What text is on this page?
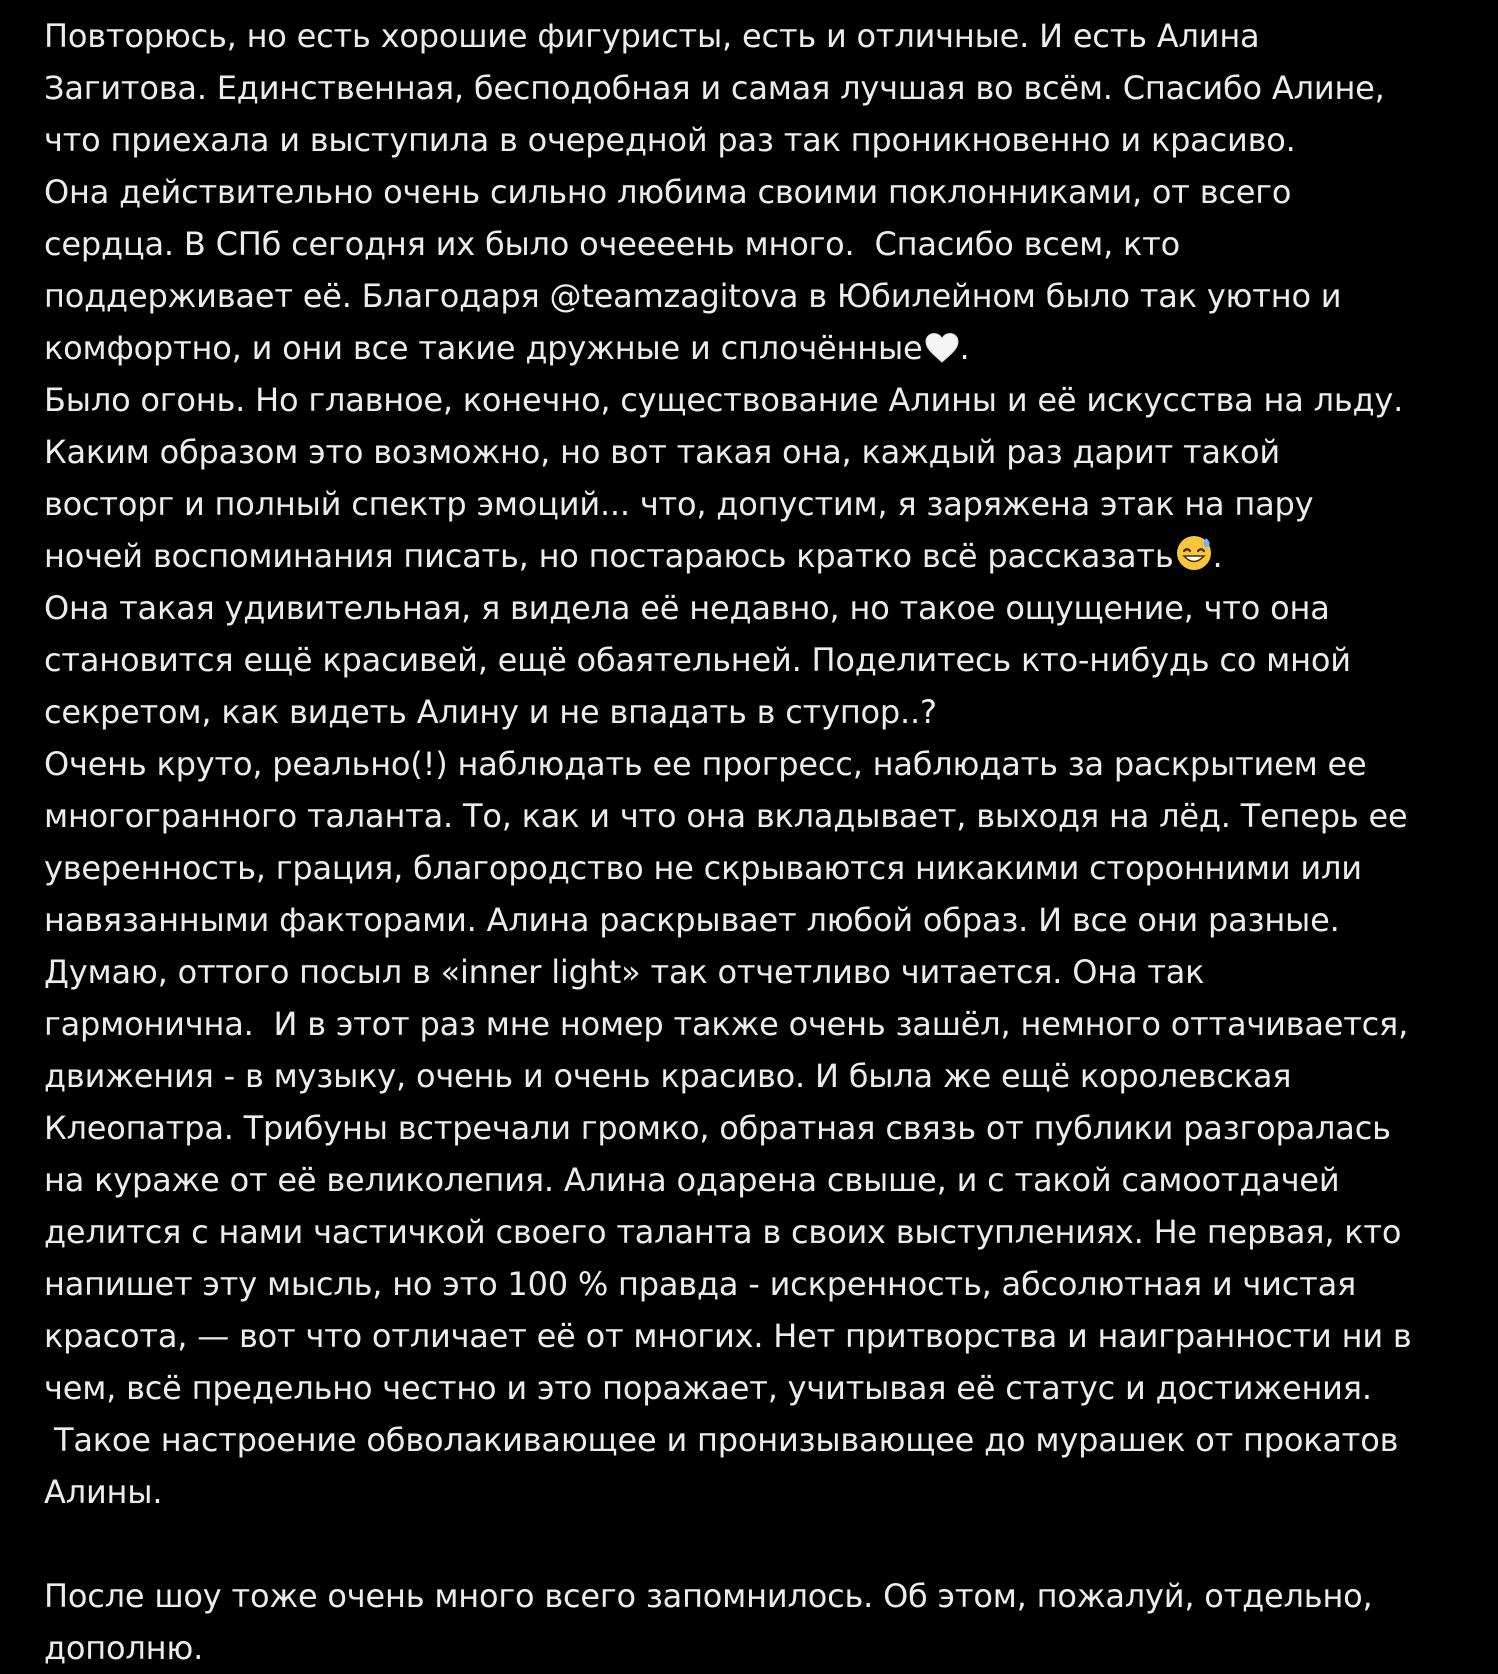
Повторюсь, но есть хорошие фигуристы, есть и отличные. И есть Алина
Загитова. Единственная, бесподобная и самая лучшая во всём. Спасибо Алине,
что приехала и выступила в очередной раз так проникновенно и красиво.
Она действительно очень сильно любима своими поклонниками, от всего
сердца. В СПб сегодня их было очеееень много.  Спасибо всем, кто
поддерживает её. Благодаря @teamzagitova в Юбилейном было так уютно и
комфортно, и они все такие дружные и сплочённые .
Было огонь. Но главное, конечно, существование Алины и её искусства на льду.
Каким образом это возможно, но вот такая она, каждый раз дарит такой
восторг и полный спектр эмоций... что, допустим, я заряжена этак на пару
ночей воспоминания писать, но постараюсь кратко всё рассказать .
Она такая удивительная, я видела её недавно, но такое ощущение, что она
становится ещё красивей, ещё обаятельней. Поделитесь кто-нибудь со мной
секретом, как видеть Алину и не впадать в ступор..?
Очень круто, реально(!) наблюдать ее прогресс, наблюдать за раскрытием ее
многогранного таланта. То, как и что она вкладывает, выходя на лёд. Теперь ее
уверенность, грация, благородство не скрываются никакими сторонними или
навязанными факторами. Алина раскрывает любой образ. И все они разные.
Думаю, оттого посыл в «inner light» так отчетливо читается. Она так
гармонична.  И в этот раз мне номер также очень зашёл, немного оттачивается,
движения - в музыку, очень и очень красиво. И была же ещё королевская
Клеопатра. Трибуны встречали громко, обратная связь от публики разгоралась
на кураже от её великолепия. Алина одарена свыше, и с такой самоотдачей
делится с нами частичкой своего таланта в своих выступлениях. Не первая, кто
напишет эту мысль, но это 100 % правда - искренность, абсолютная и чистая
красота, — вот что отличает её от многих. Нет притворства и наигранности ни в
чем, всё предельно честно и это поражает, учитывая её статус и достижения.
Такое настроение обволакивающее и пронизывающее до мурашек от прокатов
Алины.
После шоу тоже очень много всего запомнилось. Об этом, пожалуй, отдельно,
дополню.
